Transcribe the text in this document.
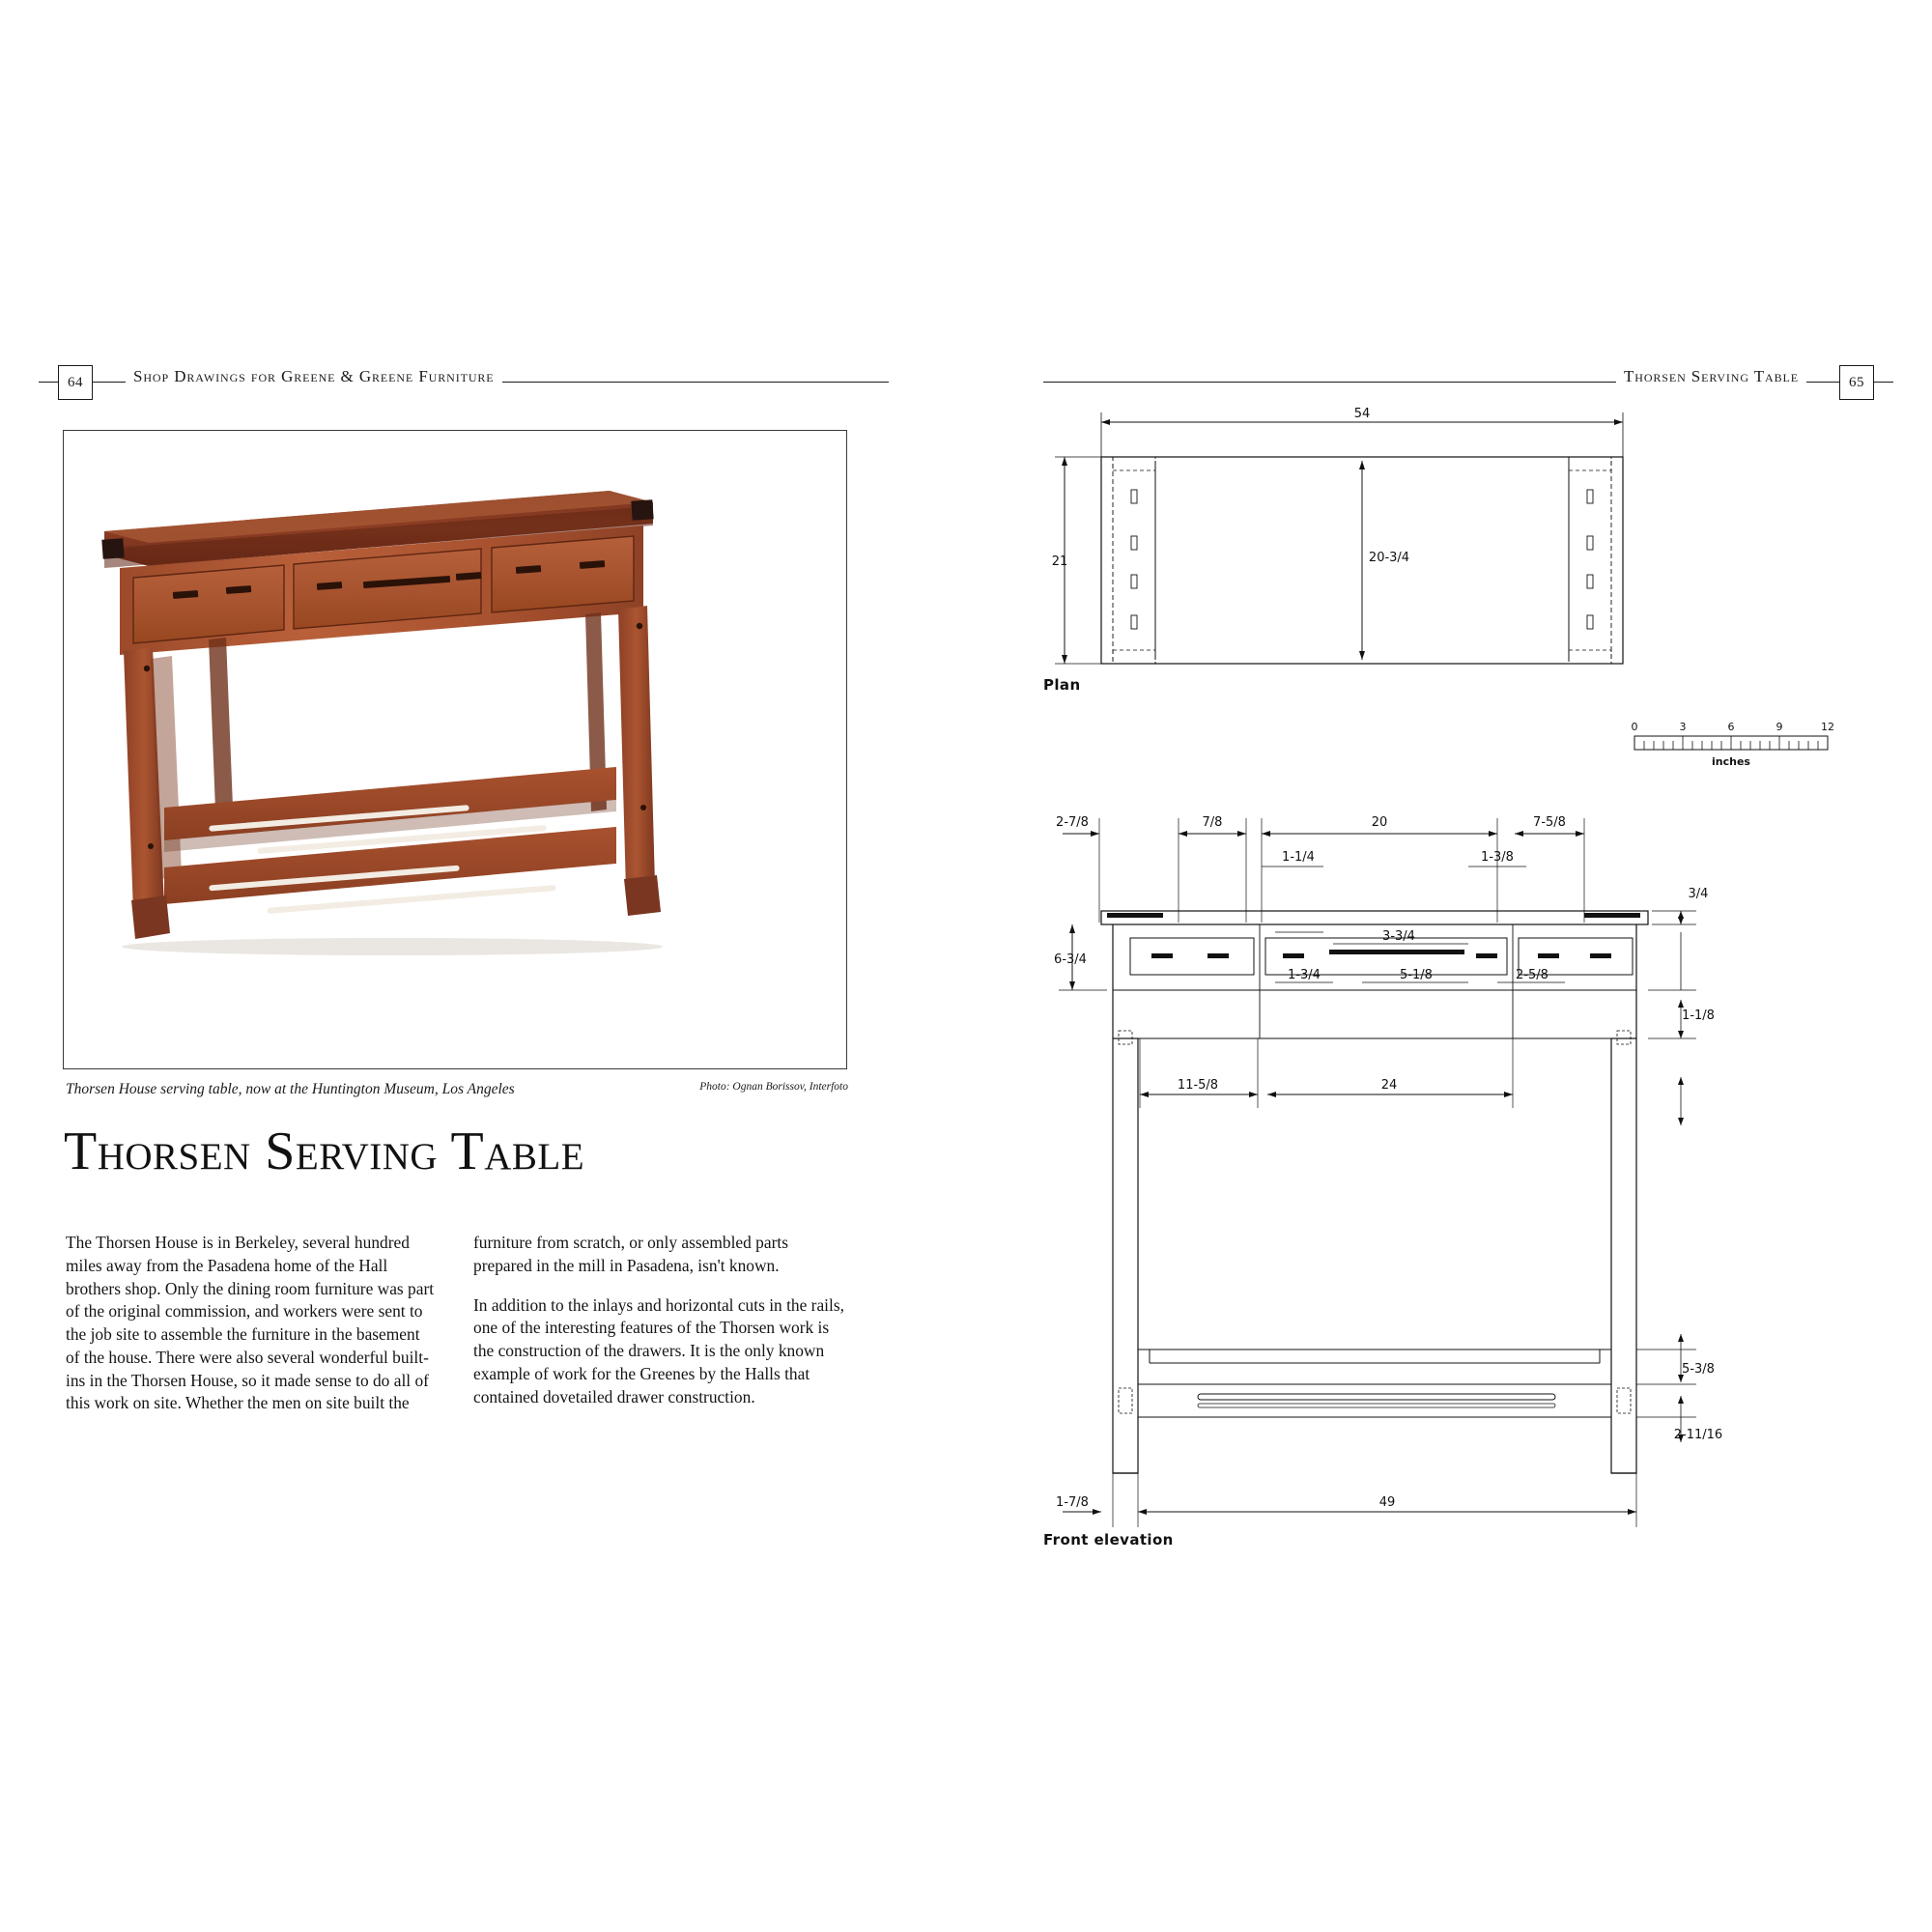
64	Shop Drawings for Greene & Greene Furniture
Thorsen House serving table, now at the Huntington Museum, Los Angeles	Photo: Ognan Borissov, Interfoto
Thorsen Serving Table

The Thorsen House is in Berkeley, several hundred miles away from the Pasadena home of the Hall brothers shop. Only the dining room furniture was part of the original commission, and workers were sent to the job site to assemble the furniture in the basement of the house. There were also several wonderful built-ins in the Thorsen House, so it made sense to do all of this work on site. Whether the men on site built the

furniture from scratch, or only assembled parts prepared in the mill in Pasadena, isn't known.

In addition to the inlays and horizontal cuts in the rails, one of the interesting features of the Thorsen work is the construction of the drawers. It is the only known example of work for the Greenes by the Halls that contained dovetailed drawer construction.

65
Thorsen Serving Table
54
21	20-3/4
Plan
0	3	6	9	12
inches
2-7/8	7/8	20	7-5/8
3/4
1-1/4	1-3/8
6-3/4
3-3/4
1-3/4	5-1/8	2-5/8
1-1/8
11-5/8	24
5-3/8
2-11/16
1-7/8	49
Front elevation
